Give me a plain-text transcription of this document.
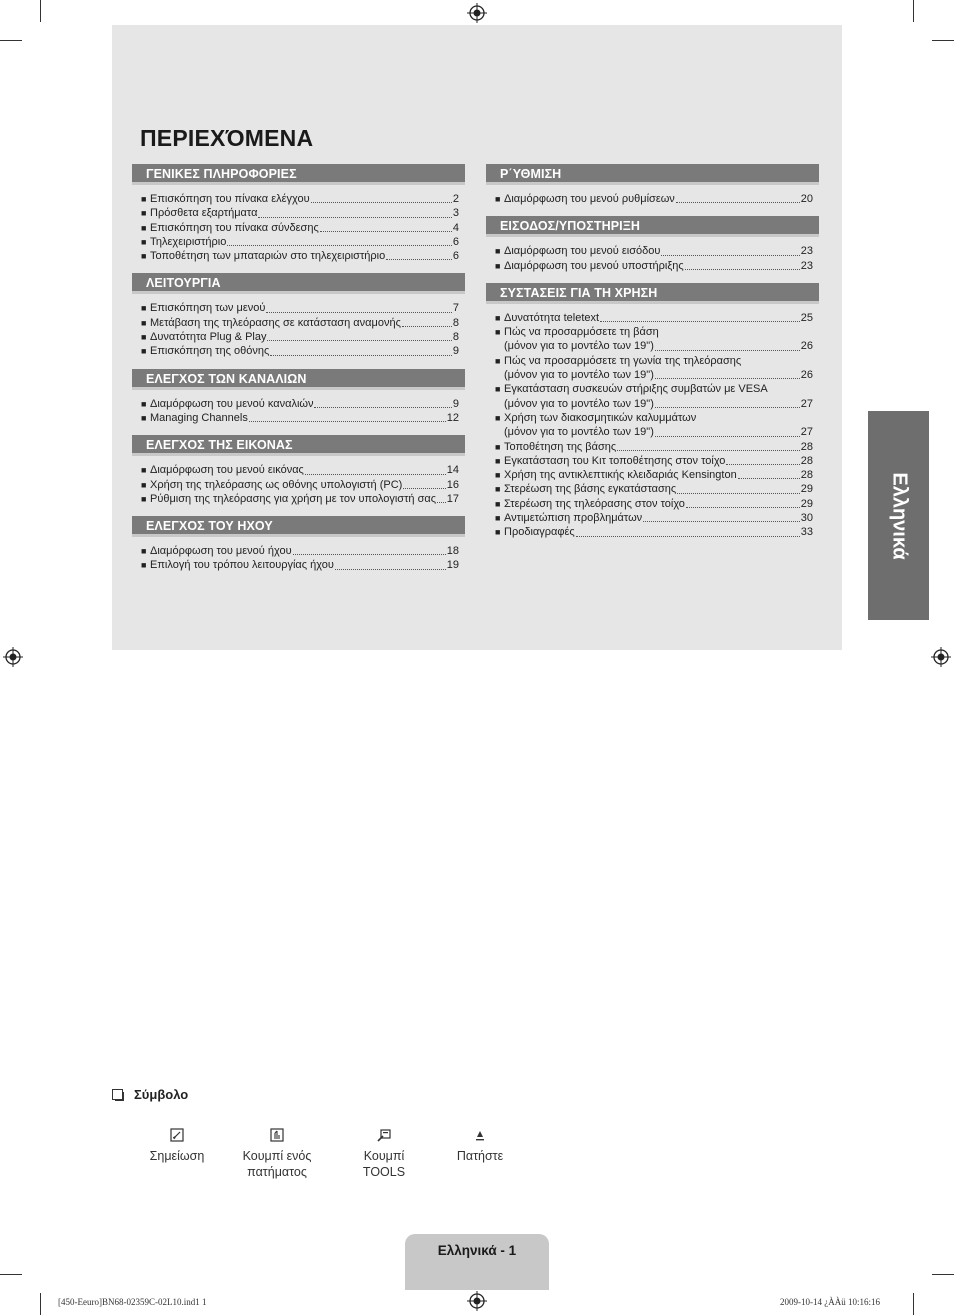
ΠΕΡΙΕΧΌΜΕΝΑ
ΓΕΝΙΚΕΣ ΠΛΗΡΟΦΟΡΙΕΣ
■ Επισκόπηση του πίνακα ελέγχου	2
■ Πρόσθετα εξαρτήματα	3
■ Επισκόπηση του πίνακα σύνδεσης	4
■ Τηλεχειριστήριο	6
■ Τοποθέτηση των μπαταριών στο τηλεχειριστήριο	6
ΛΕΙΤΟΥΡΓΙΑ
■ Επισκόπηση των μενού	7
■ Μετάβαση της τηλεόρασης σε κατάσταση αναμονής	8
■ Δυνατότητα Plug & Play	8
■ Επισκόπηση της οθόνης	9
ΕΛΕΓΧΟΣ ΤΩΝ ΚΑΝΑΛΙΩΝ
■ Διαμόρφωση του μενού καναλιών	9
■ Managing Channels	12
ΕΛΕΓΧΟΣ ΤΗΣ ΕΙΚΟΝΑΣ
■ Διαμόρφωση του μενού εικόνας	14
■ Χρήση της τηλεόρασης ως οθόνης υπολογιστή (PC)	16
■ Ρύθμιση της τηλεόρασης για χρήση με τον υπολογιστή σας 17
ΕΛΕΓΧΟΣ ΤΟΥ ΗΧΟΥ
■ Διαμόρφωση του μενού ήχου	18
■ Επιλογή του τρόπου λειτουργίας ήχου	19
Ρ΄ΥΘΜΙΣΗ
■ Διαμόρφωση του μενού ρυθμίσεων	20
ΕΙΣΟΔΟΣ/ΥΠΟΣΤΗΡΙΞΗ
■ Διαμόρφωση του μενού εισόδου	23
■ Διαμόρφωση του μενού υποστήριξης	23
ΣΥΣΤΑΣΕΙΣ ΓΙΑ ΤΗ ΧΡΗΣΗ
■ Δυνατότητα teletext	25
■ Πώς να προσαρμόσετε τη βάση
(μόνον για το μοντέλο των 19")	26
■ Πώς να προσαρμόσετε τη γωνία της τηλεόρασης
(μόνον για το μοντέλο των 19")	26
■ Εγκατάσταση συσκευών στήριξης συμβατών με VESA
(μόνον για το μοντέλο των 19")	27
■ Χρήση των διακοσμητικών καλυμμάτων
(μόνον για το μοντέλο των 19")	27
■ Τοποθέτηση της βάσης	28
■ Εγκατάσταση του Κιτ τοποθέτησης στον τοίχο	28
■ Χρήση της αντικλεπτικής κλειδαριάς Kensington	28
■ Στερέωση της βάσης εγκατάστασης	29
■ Στερέωση της τηλεόρασης στον τοίχο	29
■ Αντιμετώπιση προβλημάτων	30
■ Προδιαγραφές	33	Ελληνικά
Σύμβολο
Σημείωση	Κουμπί ενός
πατήματος
Κουμπί
TOOLS
Πατήστε
Ελληνικά - 1
[450-Eeuro]BN68-02359C-02L10.ind1 1	2009-10-14 ¿ÀÀü 10:16:16
